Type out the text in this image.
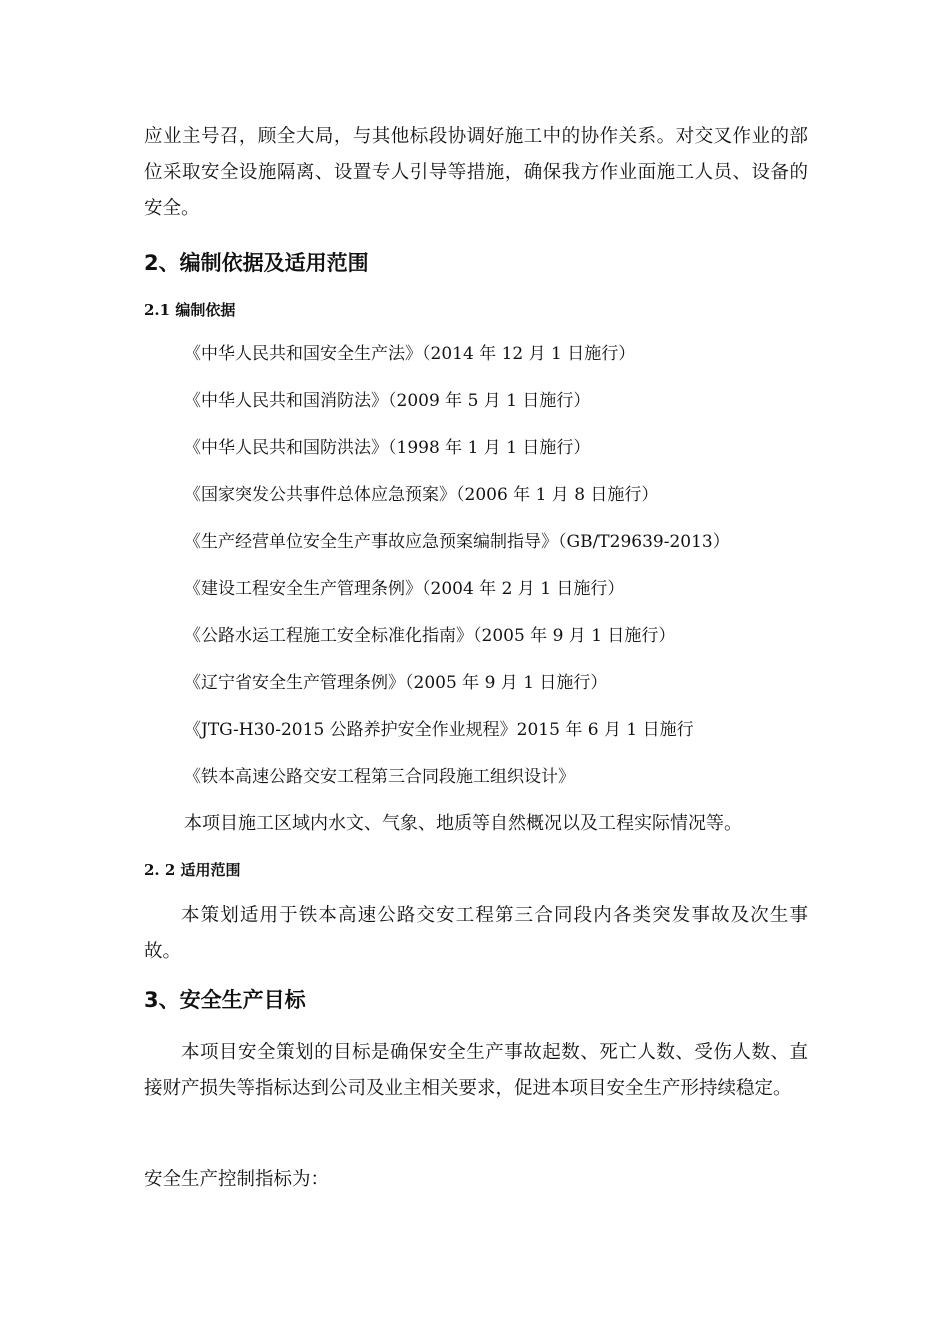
应业主号召，顾全大局，与其他标段协调好施工中的协作关系。对交叉作业的部位采取安全设施隔离、设置专人引导等措施，确保我方作业面施工人员、设备的安全。

2、编制依据及适用范围
2.1 编制依据
《中华人民共和国安全生产法》（2014 年 12 月 1 日施行）
《中华人民共和国消防法》（2009 年 5 月 1 日施行）
《中华人民共和国防洪法》（1998 年 1 月 1 日施行）
《国家突发公共事件总体应急预案》（2006 年 1 月 8 日施行）
《生产经营单位安全生产事故应急预案编制指导》（GB/T29639-2013）
《建设工程安全生产管理条例》（2004 年 2 月 1 日施行）
《公路水运工程施工安全标准化指南》（2005 年 9 月 1 日施行）
《辽宁省安全生产管理条例》（2005 年 9 月 1 日施行）
《JTG-H30-2015 公路养护安全作业规程》2015 年 6 月 1 日施行
《铁本高速公路交安工程第三合同段施工组织设计》
本项目施工区域内水文、气象、地质等自然概况以及工程实际情况等。
2. 2 适用范围

本策划适用于铁本高速公路交安工程第三合同段内各类突发事故及次生事故。

3、安全生产目标

本项目安全策划的目标是确保安全生产事故起数、死亡人数、受伤人数、直接财产损失等指标达到公司及业主相关要求，促进本项目安全生产形持续稳定。

安全生产控制指标为：
